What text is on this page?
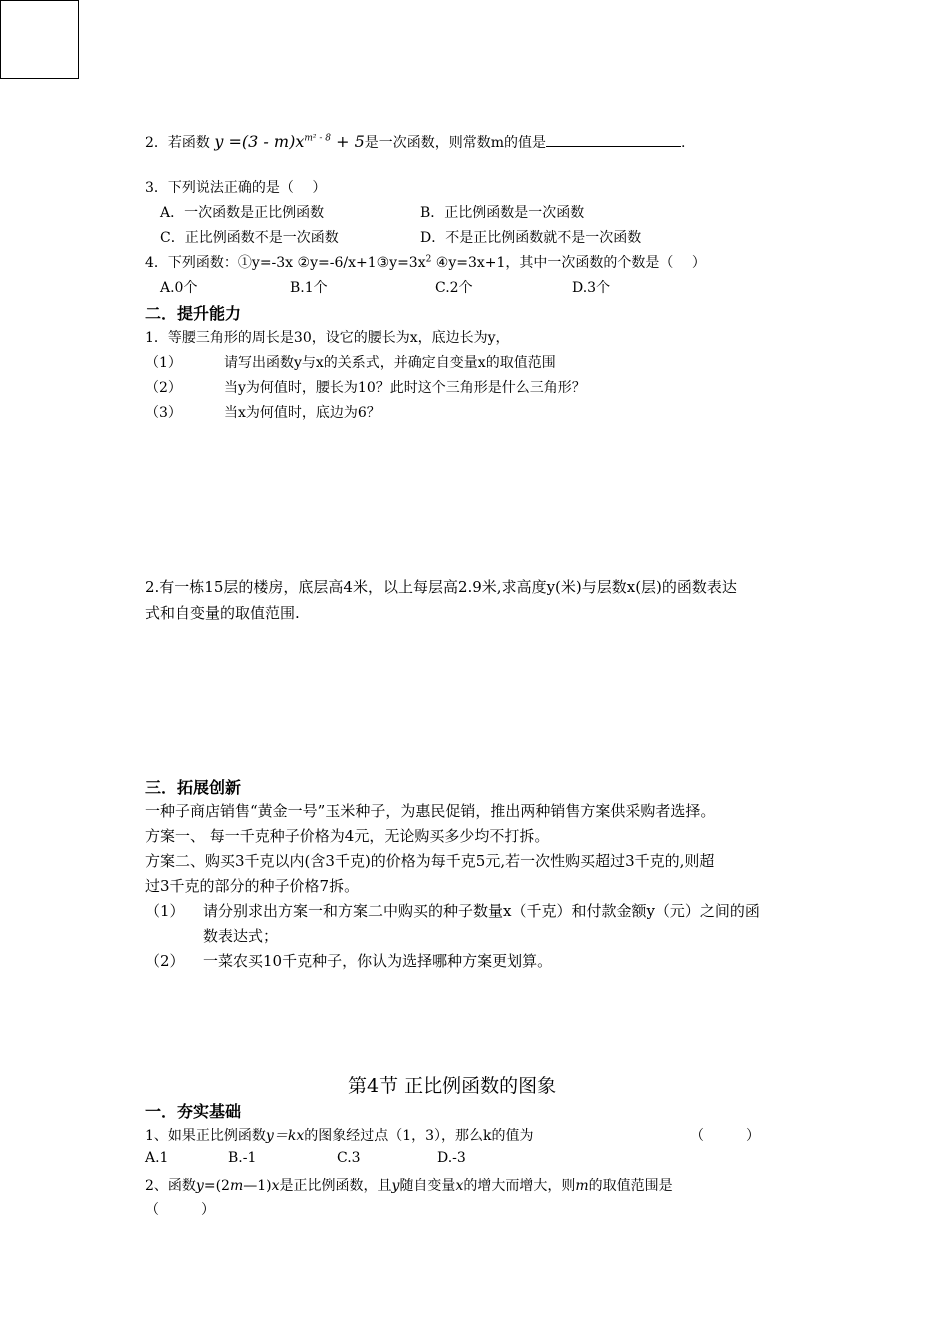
2．若函数 $y =(3 - m)x^{m^2 - 8} + 5$是一次函数，则常数m的值是	.
3．下列说法正确的是（　 ）
A．一次函数是正比例函数	B．正比例函数是一次函数
C．正比例函数不是一次函数	D．不是正比例函数就不是一次函数
4．下列函数：①y=-3x $②y=-6/x+1③y=3x^2$ ④y=3x+1，其中一次函数的个数是（　 ）
A.0个	B.1个	C.2个	D.3个
二．提升能力
1．等腰三角形的周长是30，设它的腰长为x，底边长为y，
（1）	请写出函数y与x的关系式，并确定自变量x的取值范围
（2）	当y为何值时，腰长为10？此时这个三角形是什么三角形？
（3）	当x为何值时，底边为6？
2.有一栋15层的楼房，底层高4米，以上每层高2.9米,求高度y(米)与层数x(层)的函数表达
式和自变量的取值范围.
三．拓展创新
一种子商店销售“黄金一号”玉米种子，为惠民促销，推出两种销售方案供采购者选择。
方案一、 每一千克种子价格为4元，无论购买多少均不打拆。
方案二、购买3千克以内(含3千克)的价格为每千克5元,若一次性购买超过3千克的,则超
过3千克的部分的种子价格7拆。
（1） 请分别求出方案一和方案二中购买的种子数量x（千克）和付款金额y（元）之间的函
数表达式；
（2） 一菜农买10千克种子，你认为选择哪种方案更划算。
第4节 正比例函数的图象
一．夯实基础
1、如果正比例函数y＝kx的图象经过点（1，3），那么k的值为	（　　　）
A.1	B.-1	C.3	D.-3
2、函数y=(2m—1)x是正比例函数，且y随自变量x的增大而增大，则m的取值范围是
（　　　）
